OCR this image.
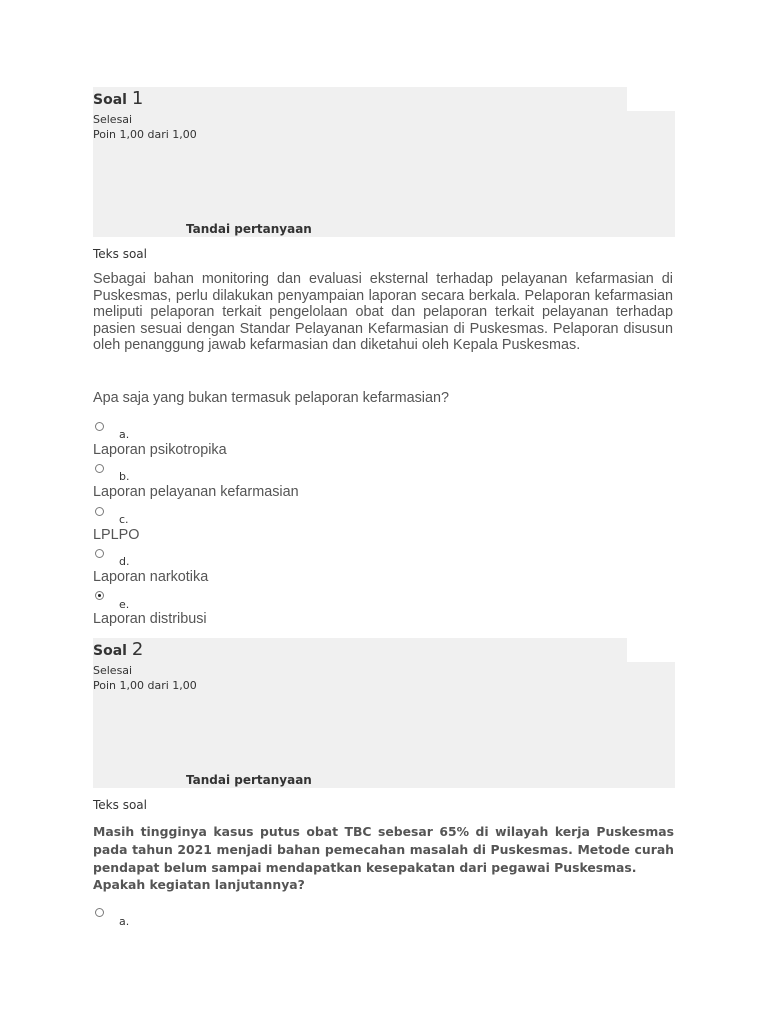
Soal 1
Selesai
Poin 1,00 dari 1,00
Tandai pertanyaan
Teks soal
Sebagai bahan monitoring dan evaluasi eksternal terhadap pelayanan kefarmasian di Puskesmas, perlu dilakukan penyampaian laporan secara berkala. Pelaporan kefarmasian meliputi pelaporan terkait pengelolaan obat dan pelaporan terkait pelayanan terhadap pasien sesuai dengan Standar Pelayanan Kefarmasian di Puskesmas. Pelaporan disusun oleh penanggung jawab kefarmasian dan diketahui oleh Kepala Puskesmas.
Apa saja yang bukan termasuk pelaporan kefarmasian?
a.
Laporan psikotropika
b.
Laporan pelayanan kefarmasian
c.
LPLPO
d.
Laporan narkotika
e.
Laporan distribusi
Soal 2
Selesai
Poin 1,00 dari 1,00
Tandai pertanyaan
Teks soal
Masih tingginya kasus putus obat TBC sebesar 65% di wilayah kerja Puskesmas pada tahun 2021 menjadi bahan pemecahan masalah di Puskesmas. Metode curah pendapat belum sampai mendapatkan kesepakatan dari pegawai Puskesmas.
Apakah kegiatan lanjutannya?
a.
